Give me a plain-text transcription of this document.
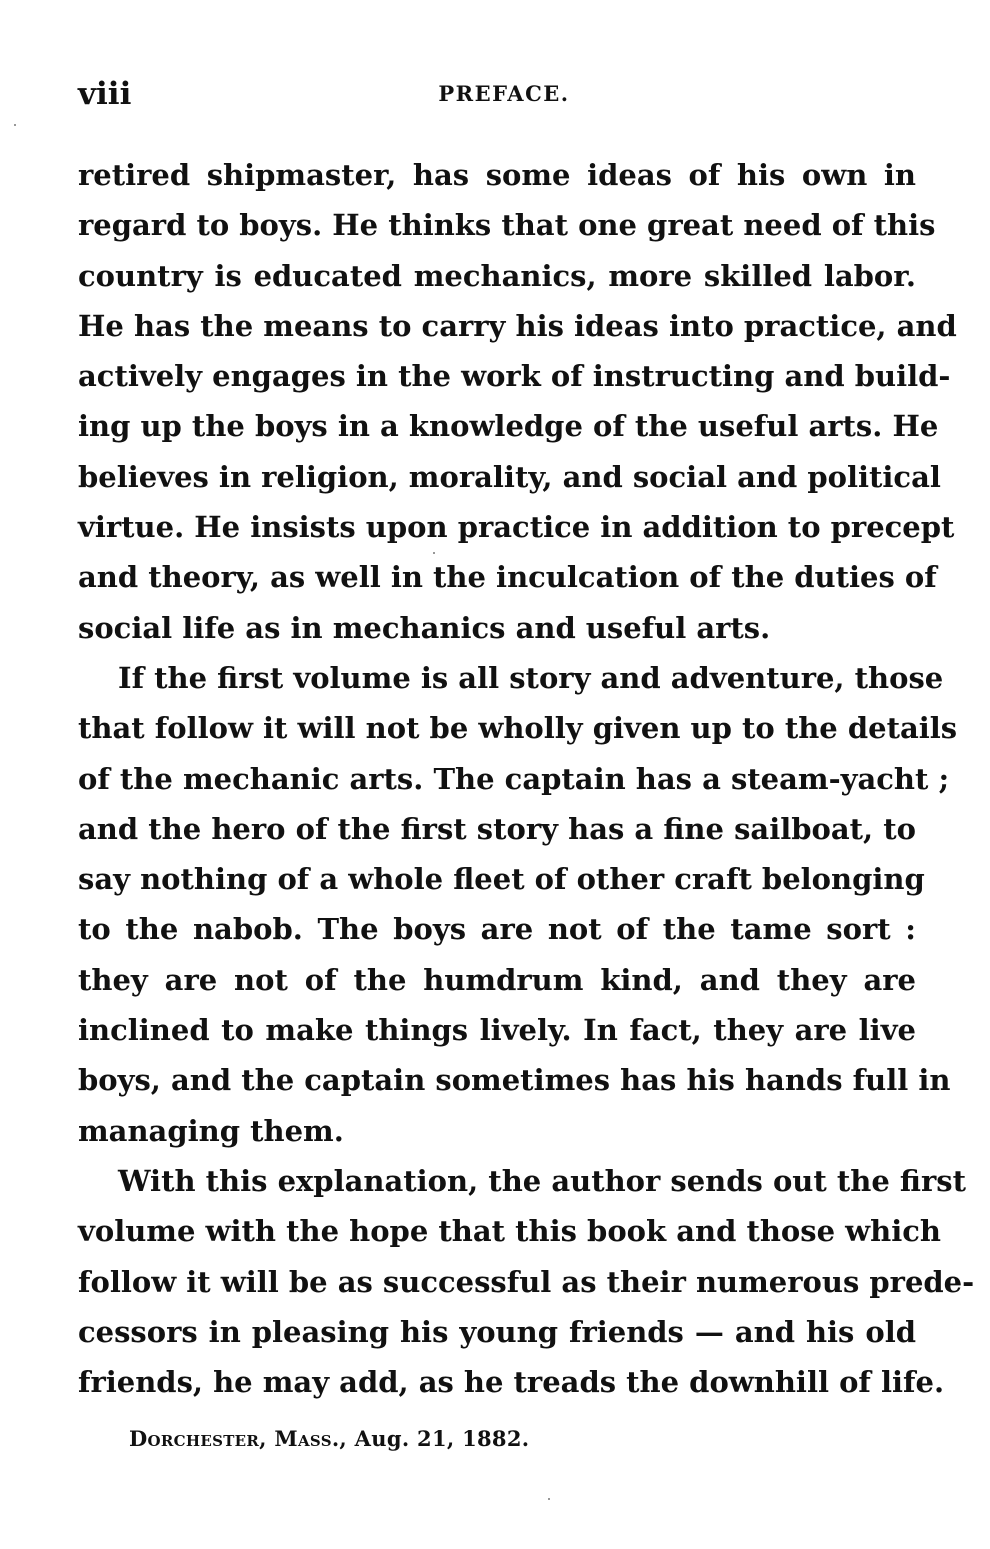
viii	PREFACE.
retired shipmaster, has some ideas of his own in
regard to boys. He thinks that one great need of this
country is educated mechanics, more skilled labor.
He has the means to carry his ideas into practice, and
actively engages in the work of instructing and build-
ing up the boys in a knowledge of the useful arts. He
believes in religion, morality, and social and political
virtue. He insists upon practice in addition to precept
and theory, as well in the inculcation of the duties of
social life as in mechanics and useful arts.
If the first volume is all story and adventure, those
that follow it will not be wholly given up to the details
of the mechanic arts. The captain has a steam-yacht ;
and the hero of the first story has a fine sailboat, to
say nothing of a whole fleet of other craft belonging
to the nabob. The boys are not of the tame sort :
they are not of the humdrum kind, and they are
inclined to make things lively. In fact, they are live
boys, and the captain sometimes has his hands full in
managing them.
With this explanation, the author sends out the first
volume with the hope that this book and those which
follow it will be as successful as their numerous prede-
cessors in pleasing his young friends — and his old
friends, he may add, as he treads the downhill of life.
Dorchester, Mass., Aug. 21, 1882.
